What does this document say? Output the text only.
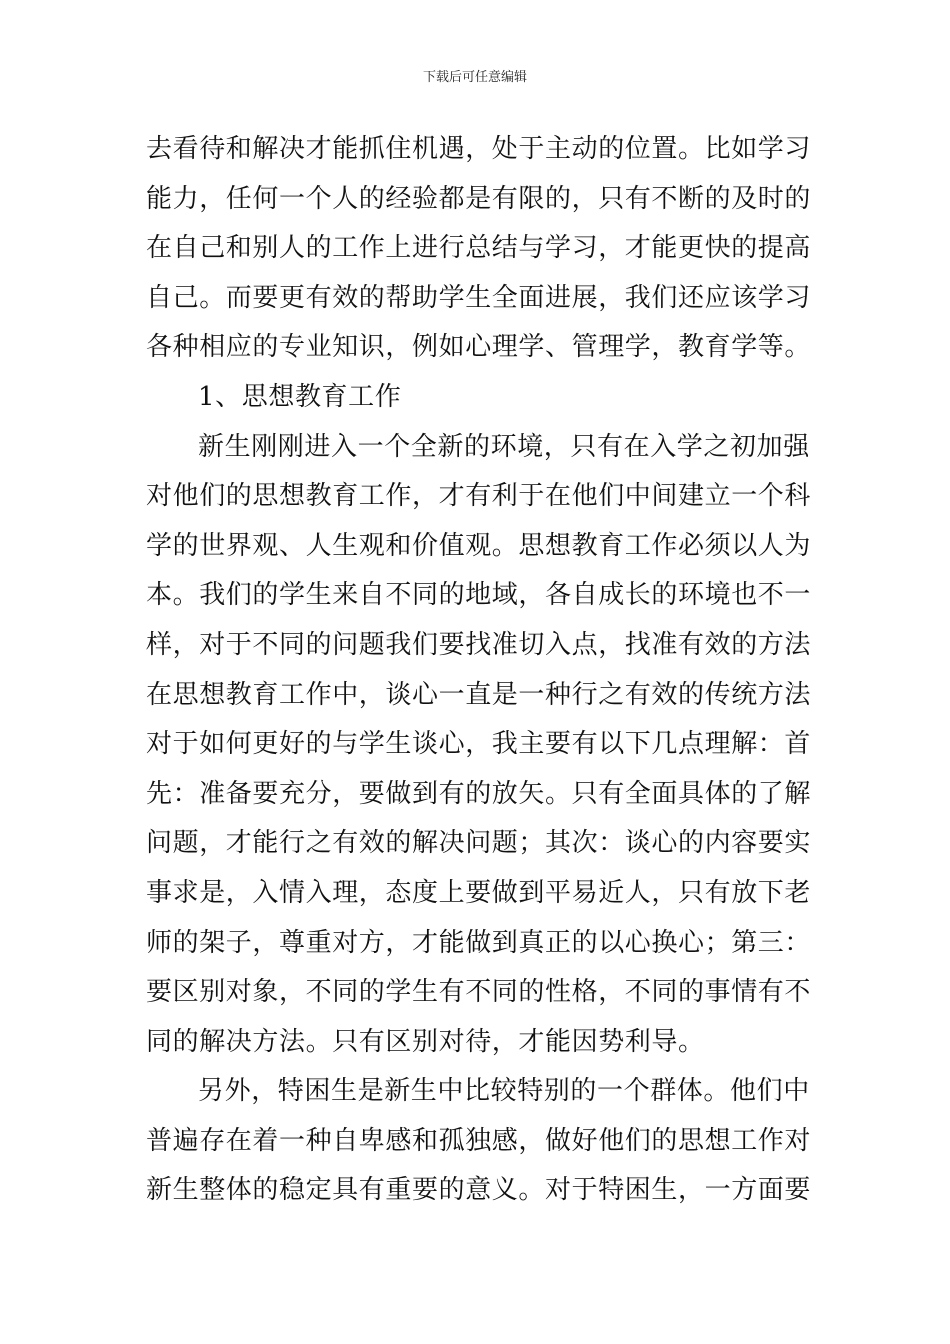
下载后可任意编辑
去看待和解决才能抓住机遇，处于主动的位置。比如学习
能力，任何一个人的经验都是有限的，只有不断的及时的
在自己和别人的工作上进行总结与学习，才能更快的提高
自己。而要更有效的帮助学生全面进展，我们还应该学习
各种相应的专业知识，例如心理学、管理学，教育学等。
1、思想教育工作
新生刚刚进入一个全新的环境，只有在入学之初加强
对他们的思想教育工作，才有利于在他们中间建立一个科
学的世界观、人生观和价值观。思想教育工作必须以人为
本。我们的学生来自不同的地域，各自成长的环境也不一
样，对于不同的问题我们要找准切入点，找准有效的方法
在思想教育工作中，谈心一直是一种行之有效的传统方法
对于如何更好的与学生谈心，我主要有以下几点理解：首
先：准备要充分，要做到有的放矢。只有全面具体的了解
问题，才能行之有效的解决问题；其次：谈心的内容要实
事求是，入情入理，态度上要做到平易近人，只有放下老
师的架子，尊重对方，才能做到真正的以心换心；第三：
要区别对象，不同的学生有不同的性格，不同的事情有不
同的解决方法。只有区别对待，才能因势利导。
另外，特困生是新生中比较特别的一个群体。他们中
普遍存在着一种自卑感和孤独感，做好他们的思想工作对
新生整体的稳定具有重要的意义。对于特困生，一方面要
